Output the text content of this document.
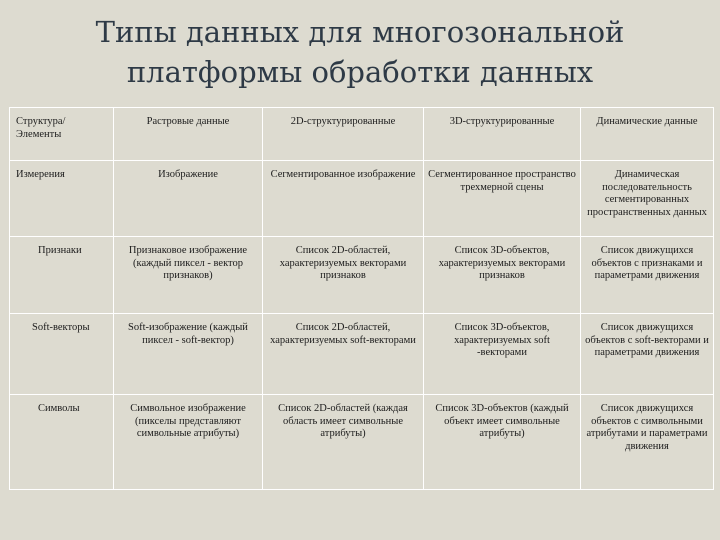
Типы данных для многозональной
платформы обработки данных
Структура/ Элементы	Растровые данные	2D-структурированные	3D-структурированные	Динамические данные
Измерения	Изображение	Сегментированное изображение	Сегментированное пространство трехмерной сцены	Динамическая последовательность сегментированных пространственных данных
Признаки	Признаковое изображение (каждый пиксел - вектор признаков)	Список 2D-областей, характеризуемых векторами признаков	Список 3D-объектов, характеризуемых векторами признаков	Список движущихся объектов с признаками и параметрами движения
Soft-векторы	Soft-изображение (каждый пиксел - soft-вектор)	Список 2D-областей, характеризуемых soft-векторами	Список 3D-объектов, характеризуемых soft -векторами	Список движущихся объектов с soft-векторами и параметрами движения
Символы	Символьное изображение (пикселы представляют символьные атрибуты)	Список 2D-областей (каждая область имеет символьные атрибуты)	Список 3D-объектов (каждый объект имеет символьные атрибуты)	Список движущихся объектов с символьными атрибутами и параметрами движения
